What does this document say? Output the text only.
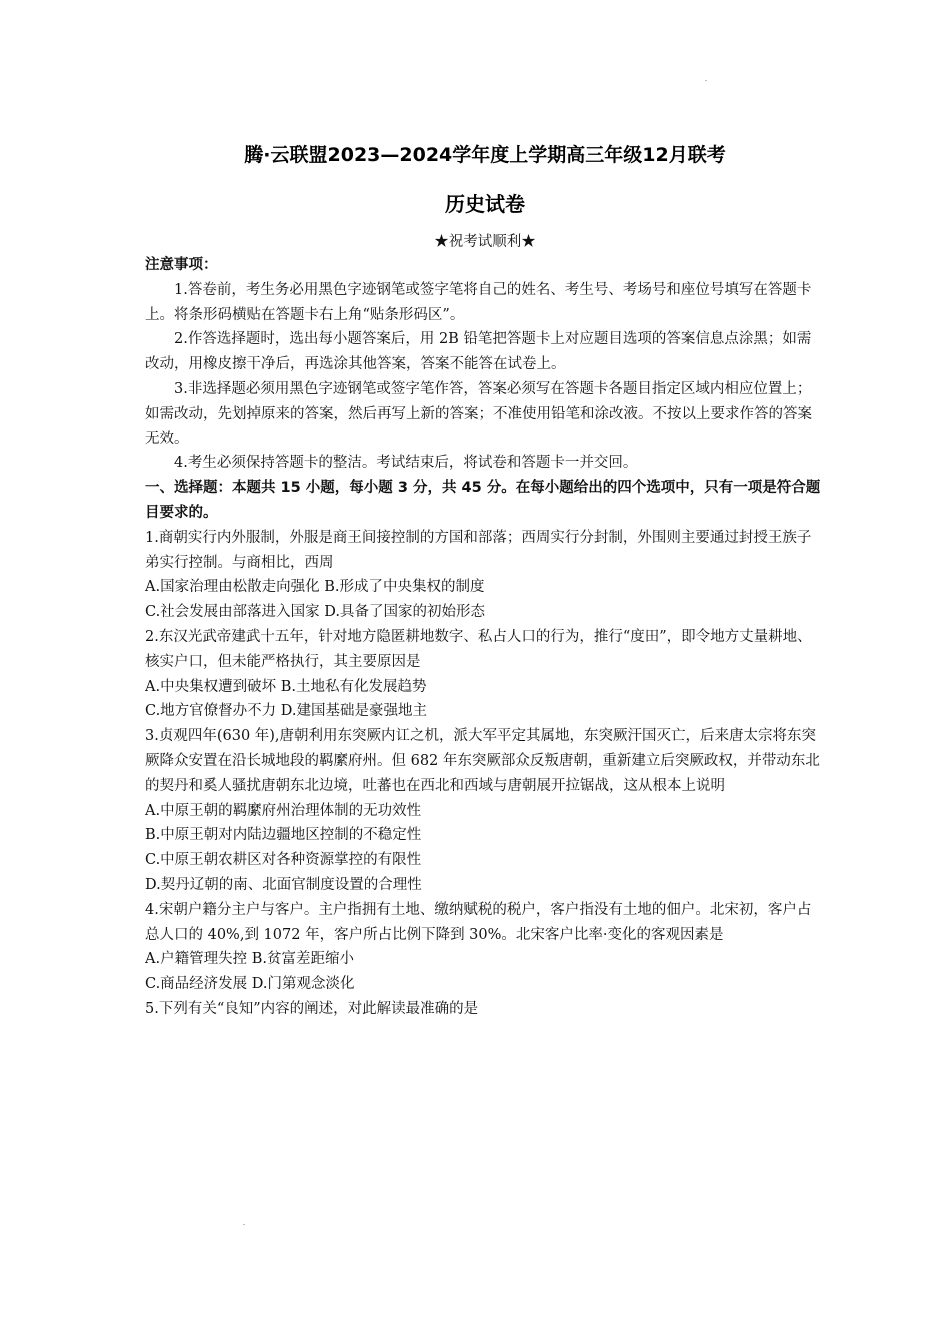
腾·云联盟2023—2024学年度上学期高三年级12月联考
历史试卷
★祝考试顺利★

注意事项：

1.答卷前，考生务必用黑色字迹钢笔或签字笔将自己的姓名、考生号、考场号和座位号填写在答题卡上。将条形码横贴在答题卡右上角“贴条形码区”。

2.作答选择题时，选出每小题答案后，用 2B 铅笔把答题卡上对应题目选项的答案信息点涂黑；如需改动，用橡皮擦干净后，再选涂其他答案，答案不能答在试卷上。

3.非选择题必须用黑色字迹钢笔或签字笔作答，答案必须写在答题卡各题目指定区域内相应位置上；如需改动，先划掉原来的答案，然后再写上新的答案；不准使用铅笔和涂改液。不按以上要求作答的答案无效。

4.考生必须保持答题卡的整洁。考试结束后，将试卷和答题卡一并交回。

一、选择题：本题共 15 小题，每小题 3 分，共 45 分。在每小题给出的四个选项中，只有一项是符合题目要求的。

1.商朝实行内外服制，外服是商王间接控制的方国和部落；西周实行分封制，外围则主要通过封授王族子弟实行控制。与商相比，西周

A.国家治理由松散走向强化 B.形成了中央集权的制度

C.社会发展由部落进入国家 D.具备了国家的初始形态

2.东汉光武帝建武十五年，针对地方隐匿耕地数字、私占人口的行为，推行“度田”，即令地方丈量耕地、核实户口，但未能严格执行，其主要原因是

A.中央集权遭到破坏 B.土地私有化发展趋势

C.地方官僚督办不力 D.建国基础是豪强地主

3.贞观四年(630 年),唐朝利用东突厥内讧之机，派大军平定其属地，东突厥汗国灭亡，后来唐太宗将东突厥降众安置在沿长城地段的羁縻府州。但 682 年东突厥部众反叛唐朝，重新建立后突厥政权，并带动东北的契丹和奚人骚扰唐朝东北边境，吐蕃也在西北和西域与唐朝展开拉锯战，这从根本上说明

A.中原王朝的羁縻府州治理体制的无功效性

B.中原王朝对内陆边疆地区控制的不稳定性

C.中原王朝农耕区对各种资源掌控的有限性

D.契丹辽朝的南、北面官制度设置的合理性

4.宋朝户籍分主户与客户。主户指拥有土地、缴纳赋税的税户，客户指没有土地的佃户。北宋初，客户占总人口的 40%,到 1072 年，客户所占比例下降到 30%。北宋客户比率·变化的客观因素是

A.户籍管理失控 B.贫富差距缩小

C.商品经济发展 D.门第观念淡化

5.下列有关“良知”内容的阐述，对此解读最准确的是
